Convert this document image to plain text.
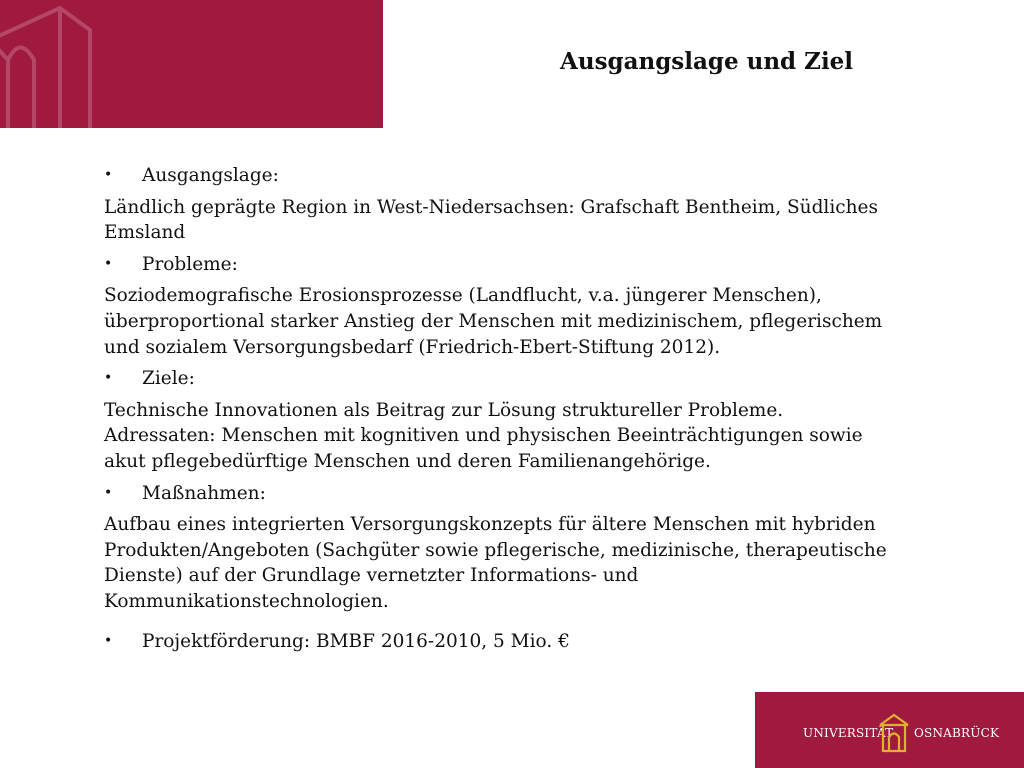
Ausgangslage und Ziel
• Ausgangslage:
Ländlich geprägte Region in West-Niedersachsen: Grafschaft Bentheim, Südliches
Emsland
• Probleme:
Soziodemografische Erosionsprozesse (Landflucht, v.a. jüngerer Menschen),
überproportional starker Anstieg der Menschen mit medizinischem, pflegerischem
und sozialem Versorgungsbedarf (Friedrich-Ebert-Stiftung 2012).
• Ziele:
Technische Innovationen als Beitrag zur Lösung struktureller Probleme.
Adressaten: Menschen mit kognitiven und physischen Beeinträchtigungen sowie
akut pflegebedürftige Menschen und deren Familienangehörige.
• Maßnahmen:
Aufbau eines integrierten Versorgungskonzepts für ältere Menschen mit hybriden
Produkten/Angeboten (Sachgüter sowie pflegerische, medizinische, therapeutische
Dienste) auf der Grundlage vernetzter Informations- und
Kommunikationstechnologien.
• Projektförderung: BMBF 2016-2010, 5 Mio. €
UNIVERSITÄT OSNABRÜCK
